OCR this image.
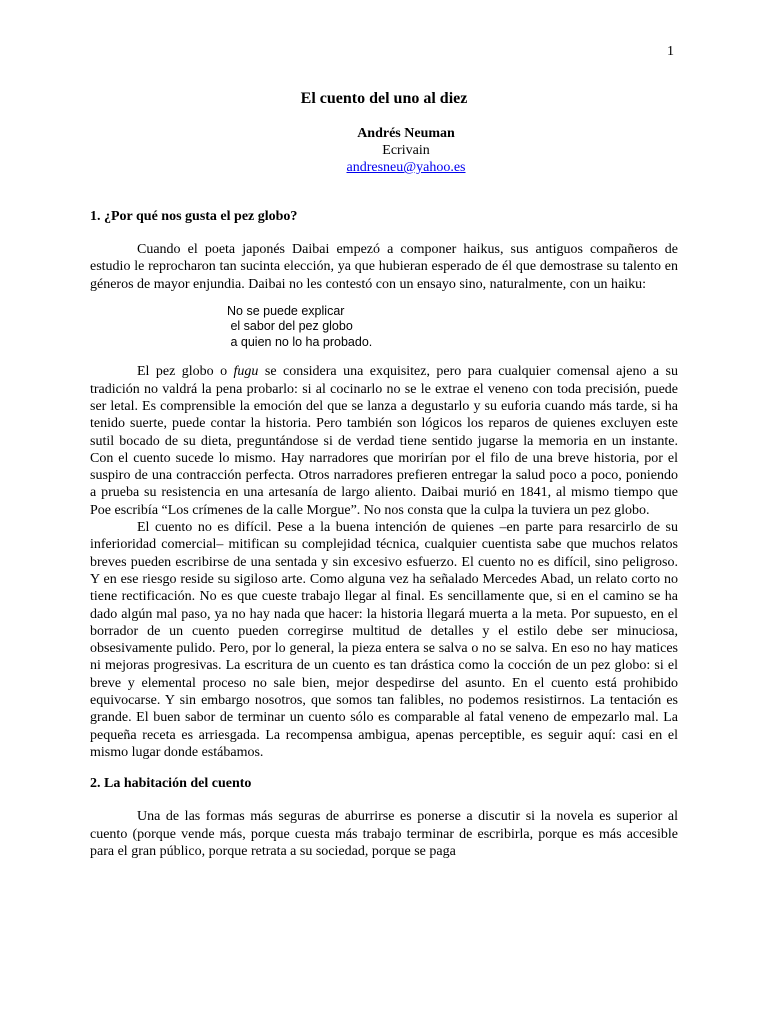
1
El cuento del uno al diez
Andrés Neuman
Ecrivain
andresneu@yahoo.es
1. ¿Por qué nos gusta el pez globo?

Cuando el poeta japonés Daibai empezó a componer haikus, sus antiguos compañeros de estudio le reprocharon tan sucinta elección, ya que hubieran esperado de él que demostrase su talento en géneros de mayor enjundia. Daibai no les contestó con un ensayo sino, naturalmente, con un haiku:

No se puede explicar
el sabor del pez globo
a quien no lo ha probado.

El pez globo o fugu se considera una exquisitez, pero para cualquier comensal ajeno a su tradición no valdrá la pena probarlo: si al cocinarlo no se le extrae el veneno con toda precisión, puede ser letal. Es comprensible la emoción del que se lanza a degustarlo y su euforia cuando más tarde, si ha tenido suerte, puede contar la historia. Pero también son lógicos los reparos de quienes excluyen este sutil bocado de su dieta, preguntándose si de verdad tiene sentido jugarse la memoria en un instante. Con el cuento sucede lo mismo. Hay narradores que morirían por el filo de una breve historia, por el suspiro de una contracción perfecta. Otros narradores prefieren entregar la salud poco a poco, poniendo a prueba su resistencia en una artesanía de largo aliento. Daibai murió en 1841, al mismo tiempo que Poe escribía “Los crímenes de la calle Morgue”. No nos consta que la culpa la tuviera un pez globo.

El cuento no es difícil. Pese a la buena intención de quienes –en parte para resarcirlo de su inferioridad comercial– mitifican su complejidad técnica, cualquier cuentista sabe que muchos relatos breves pueden escribirse de una sentada y sin excesivo esfuerzo. El cuento no es difícil, sino peligroso. Y en ese riesgo reside su sigiloso arte. Como alguna vez ha señalado Mercedes Abad, un relato corto no tiene rectificación. No es que cueste trabajo llegar al final. Es sencillamente que, si en el camino se ha dado algún mal paso, ya no hay nada que hacer: la historia llegará muerta a la meta. Por supuesto, en el borrador de un cuento pueden corregirse multitud de detalles y el estilo debe ser minuciosa, obsesivamente pulido. Pero, por lo general, la pieza entera se salva o no se salva. En eso no hay matices ni mejoras progresivas. La escritura de un cuento es tan drástica como la cocción de un pez globo: si el breve y elemental proceso no sale bien, mejor despedirse del asunto. En el cuento está prohibido equivocarse. Y sin embargo nosotros, que somos tan falibles, no podemos resistirnos. La tentación es grande. El buen sabor de terminar un cuento sólo es comparable al fatal veneno de empezarlo mal. La pequeña receta es arriesgada. La recompensa ambigua, apenas perceptible, es seguir aquí: casi en el mismo lugar donde estábamos.

2. La habitación del cuento

Una de las formas más seguras de aburrirse es ponerse a discutir si la novela es superior al cuento (porque vende más, porque cuesta más trabajo terminar de escribirla, porque es más accesible para el gran público, porque retrata a su sociedad, porque se paga
